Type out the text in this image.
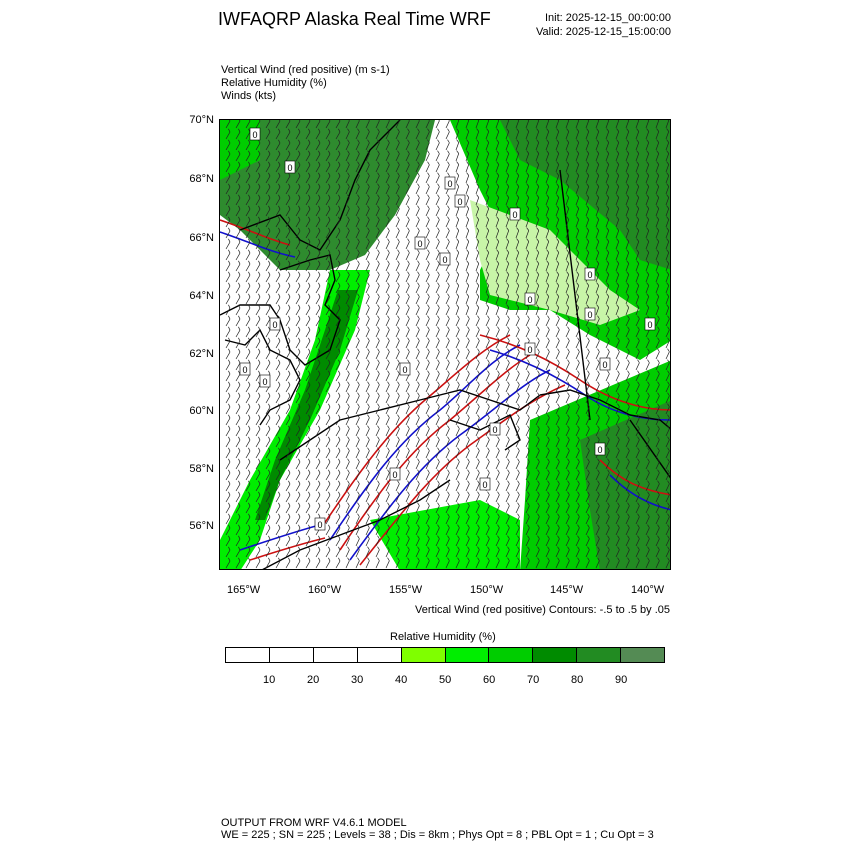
IWFAQRP Alaska Real Time WRF	Init: 2025-12-15_00:00:00
Valid: 2025-12-15_15:00:00
Vertical Wind (red positive) (m s-1)
Relative Humidity (%)
Winds (kts)
0
0
0
0
0
0
0
0
0
0
0
0
0
0
0
0
0
0
0
0
0
0
70°N
68°N
66°N
64°N
62°N
60°N
58°N
56°N
165°W	160°W	155°W	150°W	145°W	140°W
Vertical Wind (red positive) Contours: -.5 to .5 by .05
Relative Humidity (%)
10	20	30	40	50	60	70	80	90
OUTPUT FROM WRF V4.6.1 MODEL
WE = 225 ; SN = 225 ; Levels = 38 ; Dis = 8km ; Phys Opt = 8 ; PBL Opt = 1 ; Cu Opt = 3
